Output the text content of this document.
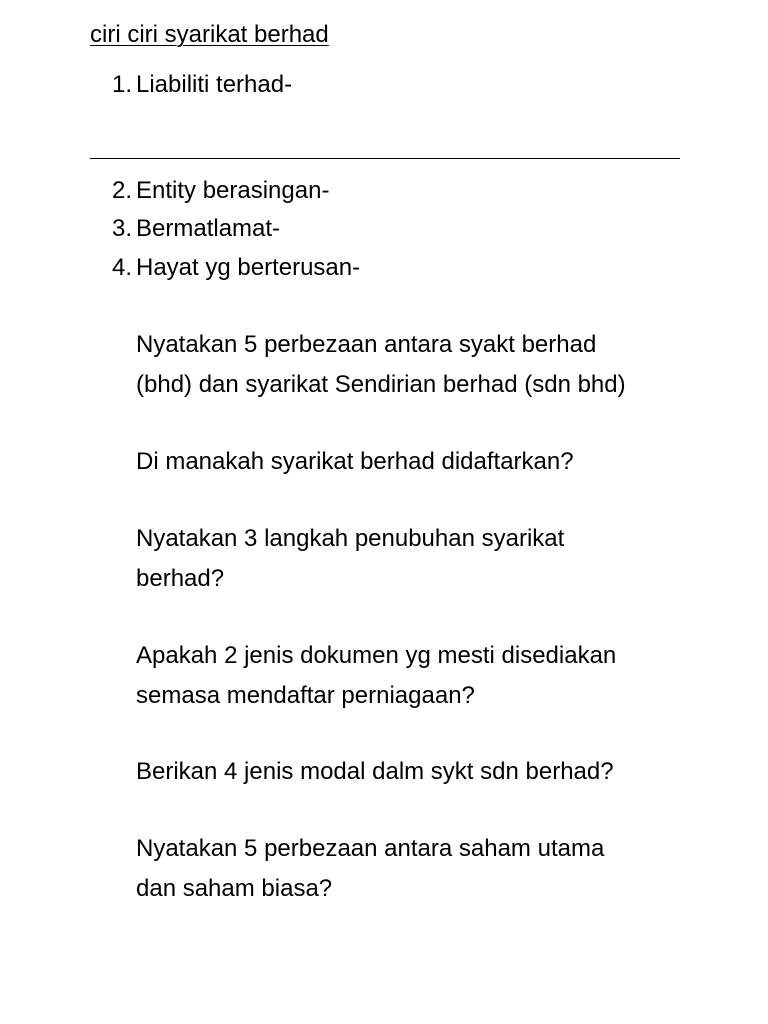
ciri ciri syarikat berhad
1. Liabiliti terhad-
2. Entity berasingan-
3. Bermatlamat-
4. Hayat yg berterusan-
Nyatakan 5 perbezaan antara syakt berhad
(bhd) dan syarikat Sendirian berhad (sdn bhd)
Di manakah syarikat berhad didaftarkan?
Nyatakan 3 langkah penubuhan syarikat
berhad?
Apakah 2 jenis dokumen yg mesti disediakan
semasa mendaftar perniagaan?
Berikan 4 jenis modal dalm sykt sdn berhad?
Nyatakan 5 perbezaan antara saham utama
dan saham biasa?
